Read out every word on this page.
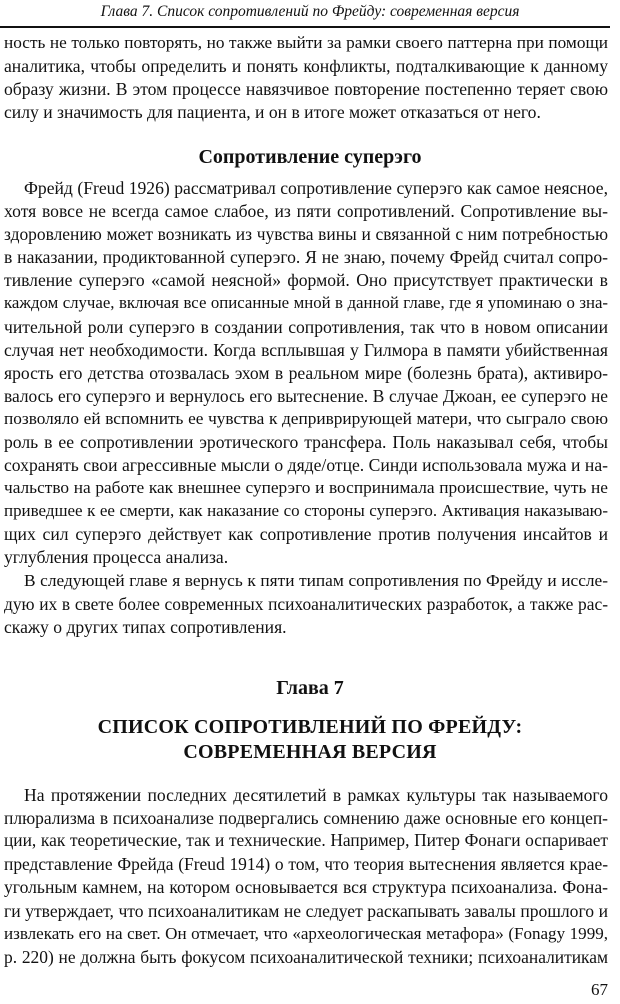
Глава 7. Список сопротивлений по Фрейду: современная версия
ность не только повторять, но также выйти за рамки своего паттерна при помощи
аналитика, чтобы определить и понять конфликты, подталкивающие к данному
образу жизни. В этом процессе навязчивое повторение постепенно теряет свою
силу и значимость для пациента, и он в итоге может отказаться от него.
Сопротивление суперэго
Фрейд (Freud 1926) рассматривал сопротивление суперэго как самое неясное,
хотя вовсе не всегда самое слабое, из пяти сопротивлений. Сопротивление вы-
здоровлению может возникать из чувства вины и связанной с ним потребностью
в наказании, продиктованной суперэго. Я не знаю, почему Фрейд считал сопро-
тивление суперэго «самой неясной» формой. Оно присутствует практически в
каждом случае, включая все описанные мной в данной главе, где я упоминаю о зна-
чительной роли суперэго в создании сопротивления, так что в новом описании
случая нет необходимости. Когда всплывшая у Гилмора в памяти убийственная
ярость его детства отозвалась эхом в реальном мире (болезнь брата), активиро-
валось его суперэго и вернулось его вытеснение. В случае Джоан, ее суперэго не
позволяло ей вспомнить ее чувства к деприврирующей матери, что сыграло свою
роль в ее сопротивлении эротического трансфера. Поль наказывал себя, чтобы
сохранять свои агрессивные мысли о дяде/отце. Синди использовала мужа и на-
чальство на работе как внешнее суперэго и воспринимала происшествие, чуть не
приведшее к ее смерти, как наказание со стороны суперэго. Активация наказываю-
щих сил суперэго действует как сопротивление против получения инсайтов и
углубления процесса анализа.
В следующей главе я вернусь к пяти типам сопротивления по Фрейду и иссле-
дую их в свете более современных психоаналитических разработок, а также рас-
скажу о других типах сопротивления.
Глава 7
СПИСОК СОПРОТИВЛЕНИЙ ПО ФРЕЙДУ:
СОВРЕМЕННАЯ ВЕРСИЯ
На протяжении последних десятилетий в рамках культуры так называемого
плюрализма в психоанализе подвергались сомнению даже основные его концеп-
ции, как теоретические, так и технические. Например, Питер Фонаги оспаривает
представление Фрейда (Freud 1914) о том, что теория вытеснения является краe-
угольным камнем, на котором основывается вся структура психоанализа. Фона-
ги утверждает, что психоаналитикам не следует раскапывать завалы прошлого и
извлекать его на свет. Он отмечает, что «археологическая метафора» (Fonagy 1999,
p. 220) не должна быть фокусом психоаналитической техники; психоаналитикам
67
